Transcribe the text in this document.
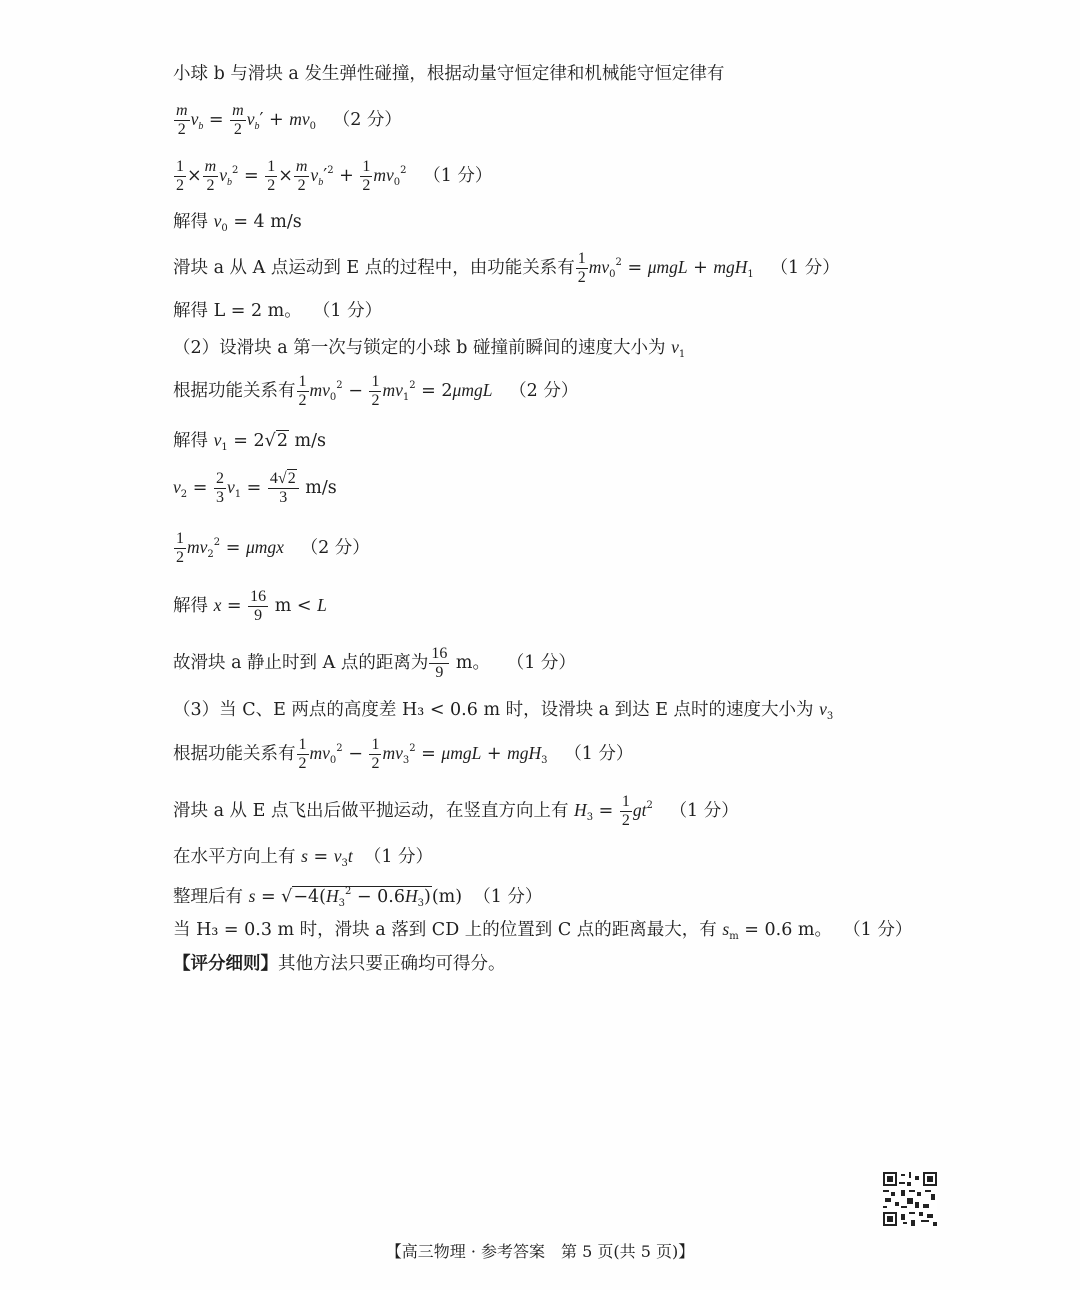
小球 b 与滑块 a 发生弹性碰撞，根据动量守恒定律和机械能守恒定律有
$\frac{m}{2} v_b = \frac{m}{2} v_b' + mv_0$ （2 分）
$\frac{1}{2} \times \frac{m}{2} v_b^2 = \frac{1}{2} \times \frac{m}{2} v_b'^2 + \frac{1}{2} mv_0^2$ （1 分）
解得 $v_0 = 4$ m/s
滑块 a 从 A 点运动到 E 点的过程中，由功能关系有 $\frac{1}{2} mv_0^2 = \mu mgL + mgH_1$ （1 分）
解得 L = 2 m。 （1 分）
（2）设滑块 a 第一次与锁定的小球 b 碰撞前瞬间的速度大小为 $v_1$
根据功能关系有 $\frac{1}{2} mv_0^2 - \frac{1}{2} mv_1^2 = 2\mu mgL$ （2 分）
解得 $v_1 = 2√2$ m/s
$v_2 = \frac{2}{3} v_1 = \frac{4√2}{3} m/s$
$\frac{1}{2} mv_2^2 = \mu mgx$ （2 分）
解得 $x = \frac{16}{9}$ m < L
故滑块 a 静止时到 A 点的距离为 $\frac{16}{9}$ m。 （1 分）
（3）当 C、E 两点的高度差 H₃ < 0.6 m 时，设滑块 a 到达 E 点时的速度大小为 $v_3$
根据功能关系有 $\frac{1}{2} mv_0^2 - \frac{1}{2} mv_3^2 = \mu mgL + mgH_3$ （1 分）
滑块 a 从 E 点飞出后做平抛运动，在竖直方向上有 $H_3 = \frac{1}{2} gt^2$ （1 分）
在水平方向上有 $s = v_3t$ （1 分）
整理后有 $s = √-4(H_3^2 - 0.6H_3)(m)$  （1 分）
当 H₃ = 0.3 m 时，滑块 a 落到 CD 上的位置到 C 点的距离最大，有 $s_m = 0.6$ m。 （1 分）
【评分细则】其他方法只要正确均可得分。
【高三物理 · 参考答案　第 5 页(共 5 页)】
